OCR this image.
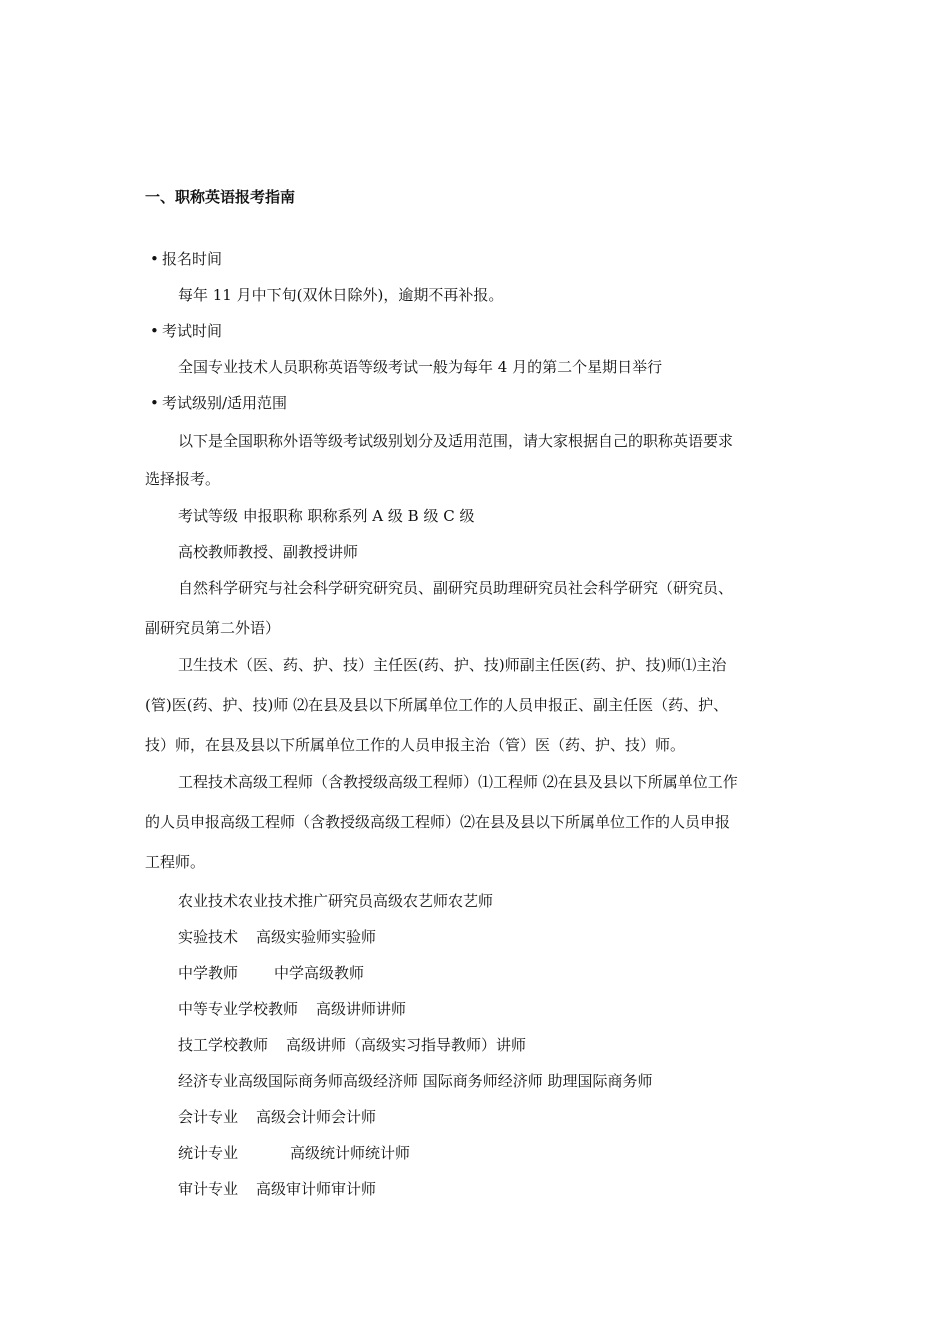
一、职称英语报考指南
• 报名时间
每年 11 月中下旬(双休日除外)，逾期不再补报。
• 考试时间
全国专业技术人员职称英语等级考试一般为每年 4 月的第二个星期日举行
• 考试级别/适用范围
以下是全国职称外语等级考试级别划分及适用范围，请大家根据自己的职称英语要求
选择报考。
考试等级 申报职称 职称系列 A 级 B 级 C 级
高校教师教授、副教授讲师
自然科学研究与社会科学研究研究员、副研究员助理研究员社会科学研究（研究员、
副研究员第二外语）
卫生技术（医、药、护、技）主任医(药、护、技)师副主任医(药、护、技)师⑴主治
(管)医(药、护、技)师 ⑵在县及县以下所属单位工作的人员申报正、副主任医（药、护、
技）师，在县及县以下所属单位工作的人员申报主治（管）医（药、护、技）师。
工程技术高级工程师（含教授级高级工程师）⑴工程师 ⑵在县及县以下所属单位工作
的人员申报高级工程师（含教授级高级工程师）⑵在县及县以下所属单位工作的人员申报
工程师。
农业技术农业技术推广研究员高级农艺师农艺师
实验技术 高级实验师实验师
中学教师 中学高级教师
中等专业学校教师 高级讲师讲师
技工学校教师 高级讲师（高级实习指导教师）讲师
经济专业高级国际商务师高级经济师 国际商务师经济师 助理国际商务师
会计专业 高级会计师会计师
统计专业	高级统计师统计师
审计专业 高级审计师审计师
